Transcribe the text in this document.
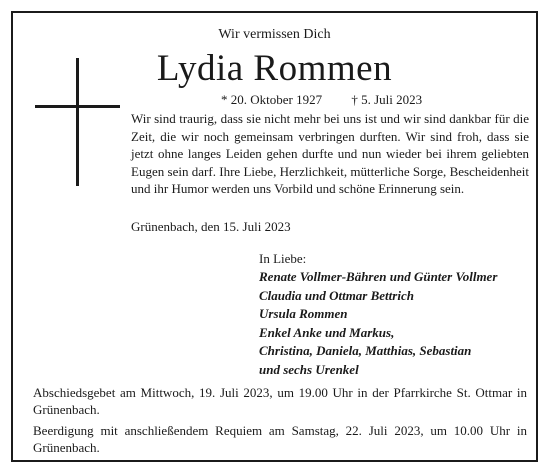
Wir vermissen Dich
Lydia Rommen
* 20. Oktober 1927 † 5. Juli 2023
Wir sind traurig, dass sie nicht mehr bei uns ist und wir sind dankbar für die Zeit, die wir noch gemeinsam verbringen durften. Wir sind froh, dass sie jetzt ohne langes Leiden gehen durfte und nun wieder bei ihrem geliebten Eugen sein darf. Ihre Liebe, Herzlichkeit, mütterliche Sorge, Bescheidenheit und ihr Humor werden uns Vorbild und schöne Erinnerung sein.
Grünenbach, den 15. Juli 2023
In Liebe:
Renate Vollmer-Bähren und Günter Vollmer
Claudia und Ottmar Bettrich
Ursula Rommen
Enkel Anke und Markus,
Christina, Daniela, Matthias, Sebastian
und sechs Urenkel
Abschiedsgebet am Mittwoch, 19. Juli 2023, um 19.00 Uhr in der Pfarrkirche St. Ottmar in Grünenbach.
Beerdigung mit anschließendem Requiem am Samstag, 22. Juli 2023, um 10.00 Uhr in Grünenbach.
